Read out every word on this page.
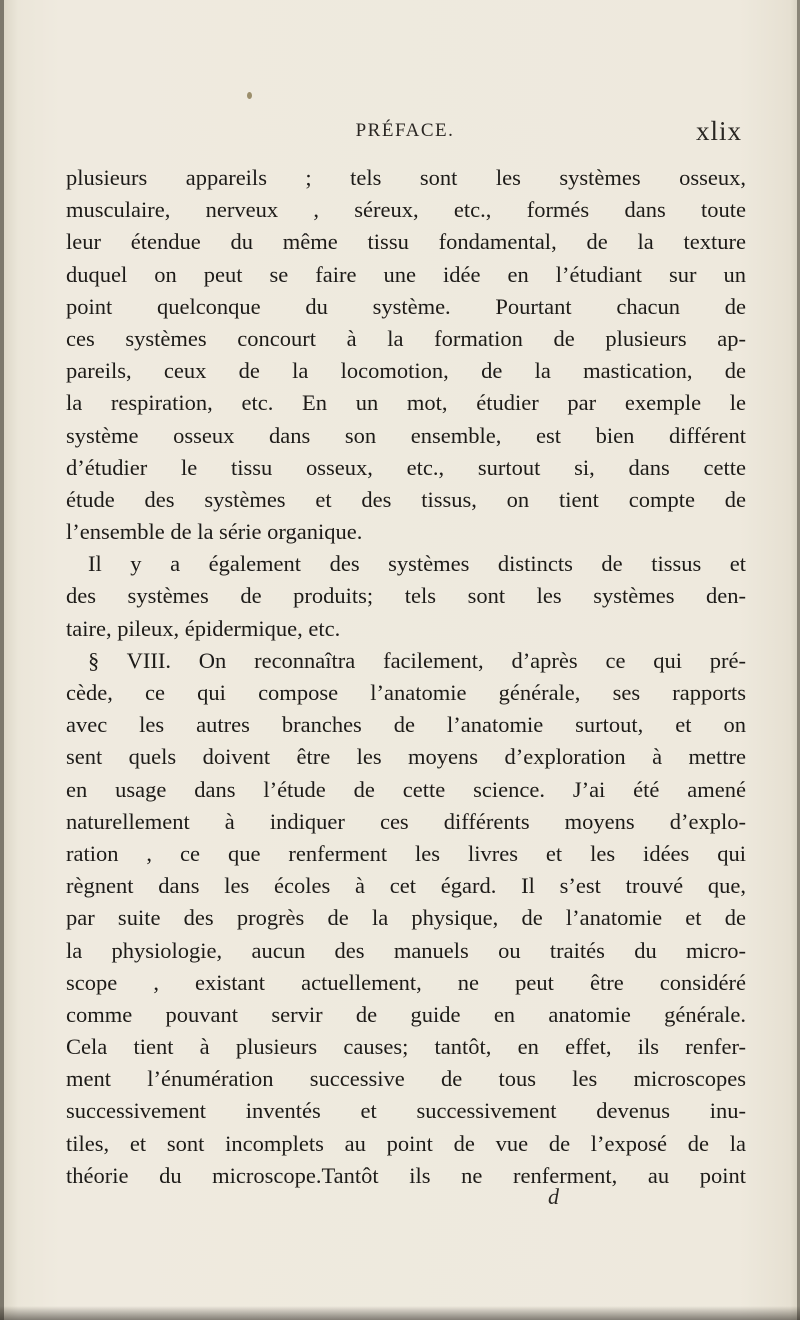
PRÉFACE.	xlix
plusieurs appareils ; tels sont les systèmes osseux,
musculaire, nerveux , séreux, etc., formés dans toute
leur étendue du même tissu fondamental, de la texture
duquel on peut se faire une idée en l’étudiant sur un
point quelconque du système. Pourtant chacun de
ces systèmes concourt à la formation de plusieurs ap-
pareils, ceux de la locomotion, de la mastication, de
la respiration, etc. En un mot, étudier par exemple le
système osseux dans son ensemble, est bien différent
d’étudier le tissu osseux, etc., surtout si, dans cette
étude des systèmes et des tissus, on tient compte de
l’ensemble de la série organique.
Il y a également des systèmes distincts de tissus et
des systèmes de produits; tels sont les systèmes den-
taire, pileux, épidermique, etc.
§ VIII. On reconnaîtra facilement, d’après ce qui pré-
cède, ce qui compose l’anatomie générale, ses rapports
avec les autres branches de l’anatomie surtout, et on
sent quels doivent être les moyens d’exploration à mettre
en usage dans l’étude de cette science. J’ai été amené
naturellement à indiquer ces différents moyens d’explo-
ration , ce que renferment les livres et les idées qui
règnent dans les écoles à cet égard. Il s’est trouvé que,
par suite des progrès de la physique, de l’anatomie et de
la physiologie, aucun des manuels ou traités du micro-
scope , existant actuellement, ne peut être considéré
comme pouvant servir de guide en anatomie générale.
Cela tient à plusieurs causes; tantôt, en effet, ils renfer-
ment l’énumération successive de tous les microscopes
successivement inventés et successivement devenus inu-
tiles, et sont incomplets au point de vue de l’exposé de la
théorie du microscope.Tantôt ils ne renferment, au point
d
